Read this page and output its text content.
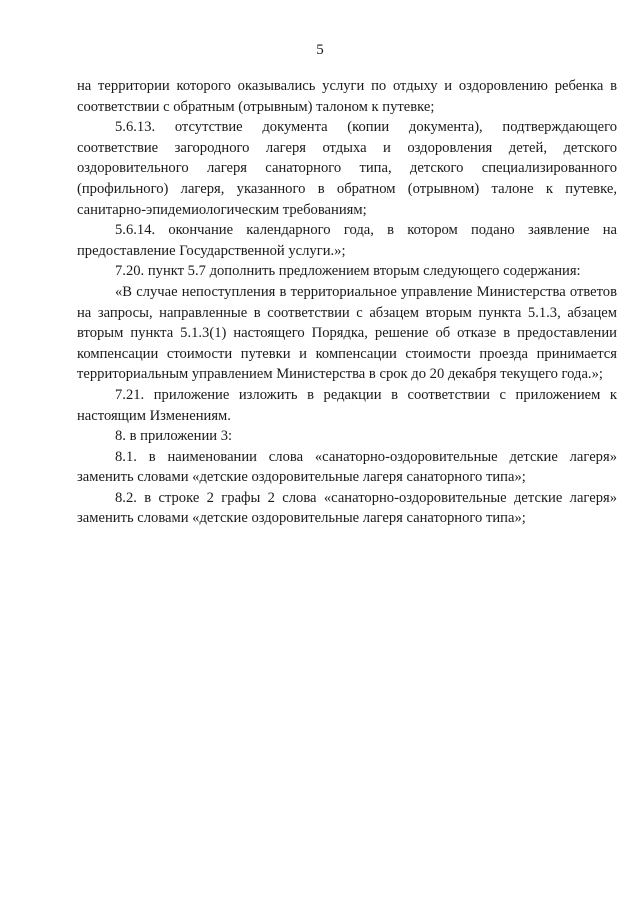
5

на территории которого оказывались услуги по отдыху и оздоровлению ребенка в соответствии с обратным (отрывным) талоном к путевке;

5.6.13. отсутствие документа (копии документа), подтверждающего соответствие загородного лагеря отдыха и оздоровления детей, детского оздоровительного лагеря санаторного типа, детского специализированного (профильного) лагеря, указанного в обратном (отрывном) талоне к путевке, санитарно-эпидемиологическим требованиям;

5.6.14. окончание календарного года, в котором подано заявление на предоставление Государственной услуги.»;

7.20. пункт 5.7 дополнить предложением вторым следующего содержания:

«В случае непоступления в территориальное управление Министерства ответов на запросы, направленные в соответствии с абзацем вторым пункта 5.1.3, абзацем вторым пункта 5.1.3(1) настоящего Порядка, решение об отказе в предоставлении компенсации стоимости путевки и компенсации стоимости проезда принимается территориальным управлением Министерства в срок до 20 декабря текущего года.»;

7.21. приложение изложить в редакции в соответствии с приложением к настоящим Изменениям.

8. в приложении 3:

8.1. в наименовании слова «санаторно-оздоровительные детские лагеря» заменить словами «детские оздоровительные лагеря санаторного типа»;

8.2. в строке 2 графы 2 слова «санаторно-оздоровительные детские лагеря» заменить словами «детские оздоровительные лагеря санаторного типа»;
